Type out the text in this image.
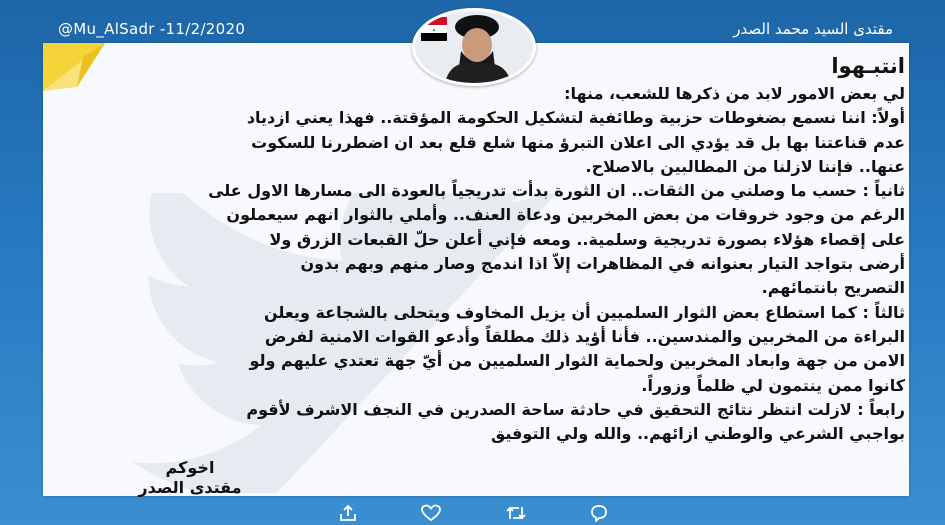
@Mu_AlSadr -11/2/2020	مقتدى السيد محمد الصدر
✦
انتبـهوا

لي بعض الامور لابد من ذكرها للشعب، منها:

أولاً: اننا نسمع بضغوطات حزبية وطائفية لتشكيل الحكومة المؤقتة.. فهذا يعني ازدياد

عدم قناعتنا بها بل قد يؤدي الى اعلان التبرؤ منها شلع قلع بعد ان اضطررنا للسكوت

عنها.. فإننا لازلنا من المطالبين بالاصلاح.

ثانياً : حسب ما وصلني من الثقات.. ان الثورة بدأت تدريجياً بالعودة الى مسارها الاول على

الرغم من وجود خروقات من بعض المخربين ودعاة العنف.. وأملي بالثوار انهم سيعملون

على إقصاء هؤلاء بصورة تدريجية وسلمية.. ومعه فإني أعلن حلّ القبعات الزرق ولا

أرضى بتواجد التيار بعنوانه في المظاهرات إلاّ اذا اندمج وصار منهم وبهم بدون

التصريح بانتمائهم.

ثالثاً : كما استطاع بعض الثوار السلميين أن يزيل المخاوف ويتحلى بالشجاعة ويعلن

البراءة من المخربين والمندسين.. فأنا أؤيد ذلك مطلقاً وأدعو القوات الامنية لفرض

الامن من جهة وابعاد المخربين ولحماية الثوار السلميين من أيّ جهة تعتدي عليهم ولو

كانوا ممن ينتمون لي ظلماً وزوراً.

رابعاً : لازلت انتظر نتائج التحقيق في حادثة ساحة الصدرين في النجف الاشرف لأقوم

بواجبي الشرعي والوطني ازائهم.. والله ولي التوفيق

اخوكم
مقتدى الصدر
